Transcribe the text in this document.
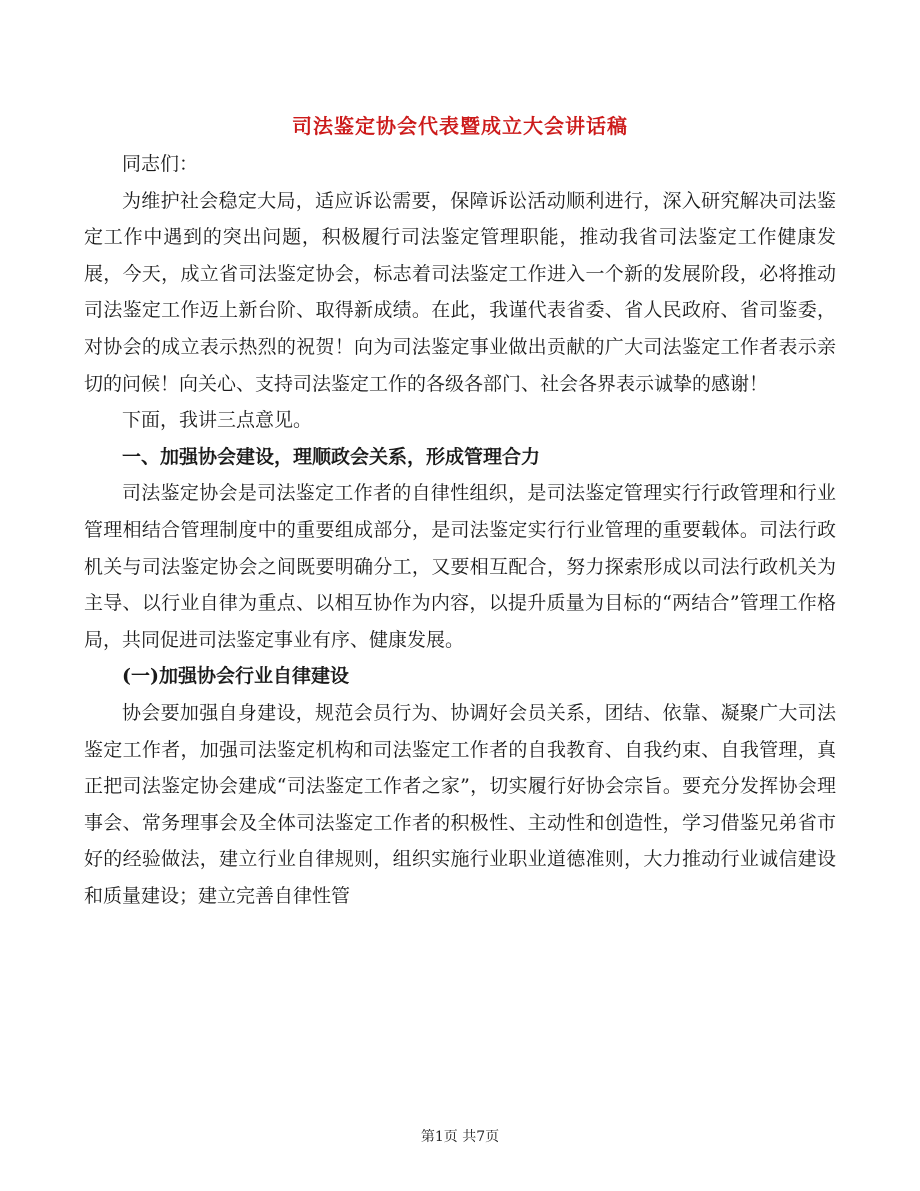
司法鉴定协会代表暨成立大会讲话稿

同志们：

为维护社会稳定大局，适应诉讼需要，保障诉讼活动顺利进行，深入研究解决司法鉴定工作中遇到的突出问题，积极履行司法鉴定管理职能，推动我省司法鉴定工作健康发展，今天，成立省司法鉴定协会，标志着司法鉴定工作进入一个新的发展阶段，必将推动司法鉴定工作迈上新台阶、取得新成绩。在此，我谨代表省委、省人民政府、省司鉴委，对协会的成立表示热烈的祝贺！向为司法鉴定事业做出贡献的广大司法鉴定工作者表示亲切的问候！向关心、支持司法鉴定工作的各级各部门、社会各界表示诚挚的感谢！

下面，我讲三点意见。

一、加强协会建设，理顺政会关系，形成管理合力

司法鉴定协会是司法鉴定工作者的自律性组织，是司法鉴定管理实行行政管理和行业管理相结合管理制度中的重要组成部分，是司法鉴定实行行业管理的重要载体。司法行政机关与司法鉴定协会之间既要明确分工，又要相互配合，努力探索形成以司法行政机关为主导、以行业自律为重点、以相互协作为内容，以提升质量为目标的“两结合”管理工作格局，共同促进司法鉴定事业有序、健康发展。

(一)加强协会行业自律建设

协会要加强自身建设，规范会员行为、协调好会员关系，团结、依靠、凝聚广大司法鉴定工作者，加强司法鉴定机构和司法鉴定工作者的自我教育、自我约束、自我管理，真正把司法鉴定协会建成“司法鉴定工作者之家”，切实履行好协会宗旨。要充分发挥协会理事会、常务理事会及全体司法鉴定工作者的积极性、主动性和创造性，学习借鉴兄弟省市好的经验做法，建立行业自律规则，组织实施行业职业道德准则，大力推动行业诚信建设和质量建设；建立完善自律性管

第1页 共7页
